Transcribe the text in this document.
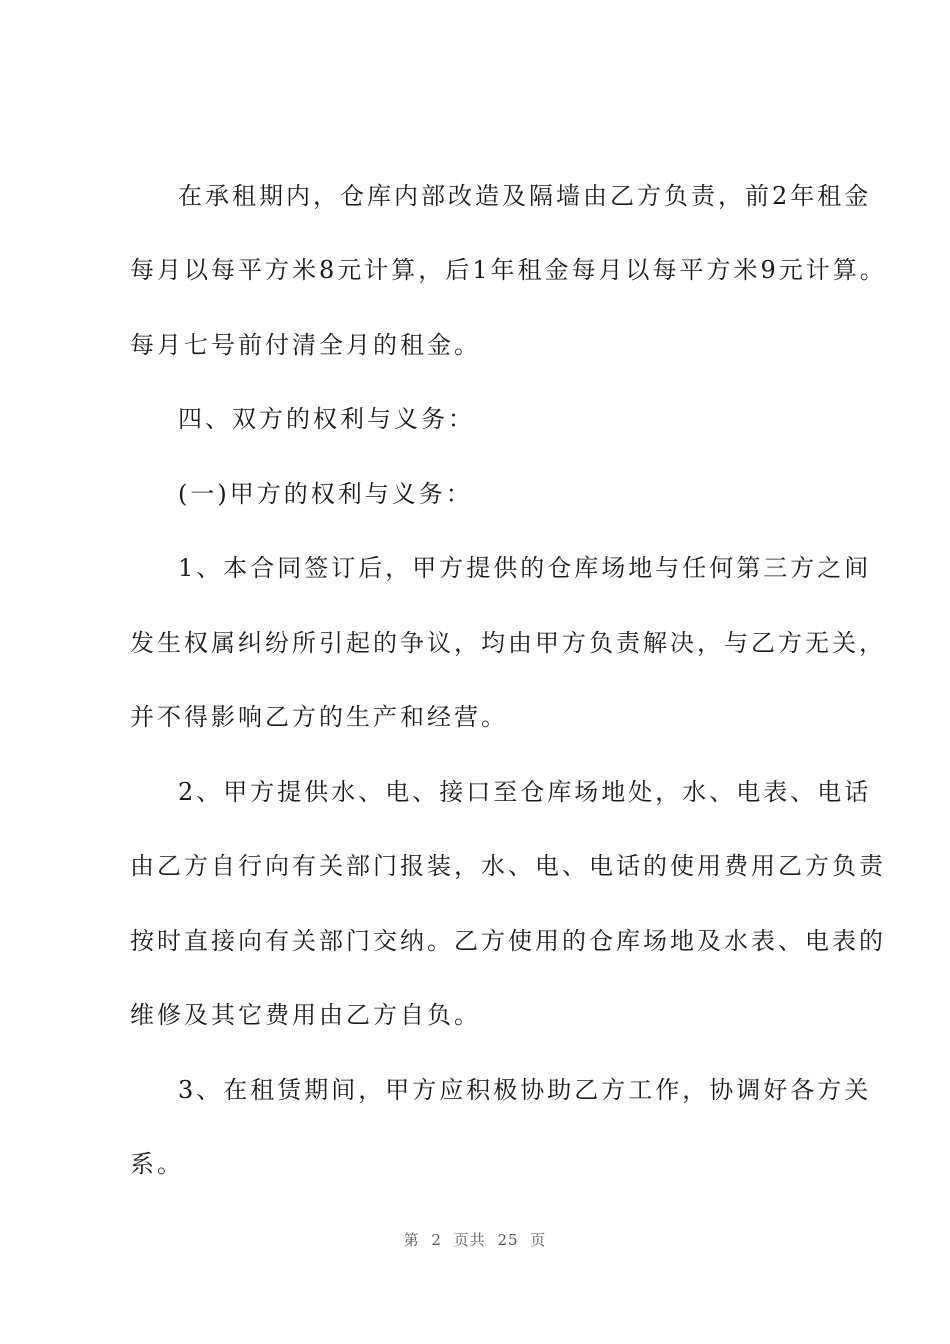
在承租期内，仓库内部改造及隔墙由乙方负责，前2年租金
每月以每平方米8元计算，后1年租金每月以每平方米9元计算。
每月七号前付清全月的租金。
四、双方的权利与义务：
(一)甲方的权利与义务：
1、本合同签订后，甲方提供的仓库场地与任何第三方之间
发生权属纠纷所引起的争议，均由甲方负责解决，与乙方无关，
并不得影响乙方的生产和经营。
2、甲方提供水、电、接口至仓库场地处，水、电表、电话
由乙方自行向有关部门报装，水、电、电话的使用费用乙方负责
按时直接向有关部门交纳。乙方使用的仓库场地及水表、电表的
维修及其它费用由乙方自负。
3、在租赁期间，甲方应积极协助乙方工作，协调好各方关
系。
第 2 页共 25 页
